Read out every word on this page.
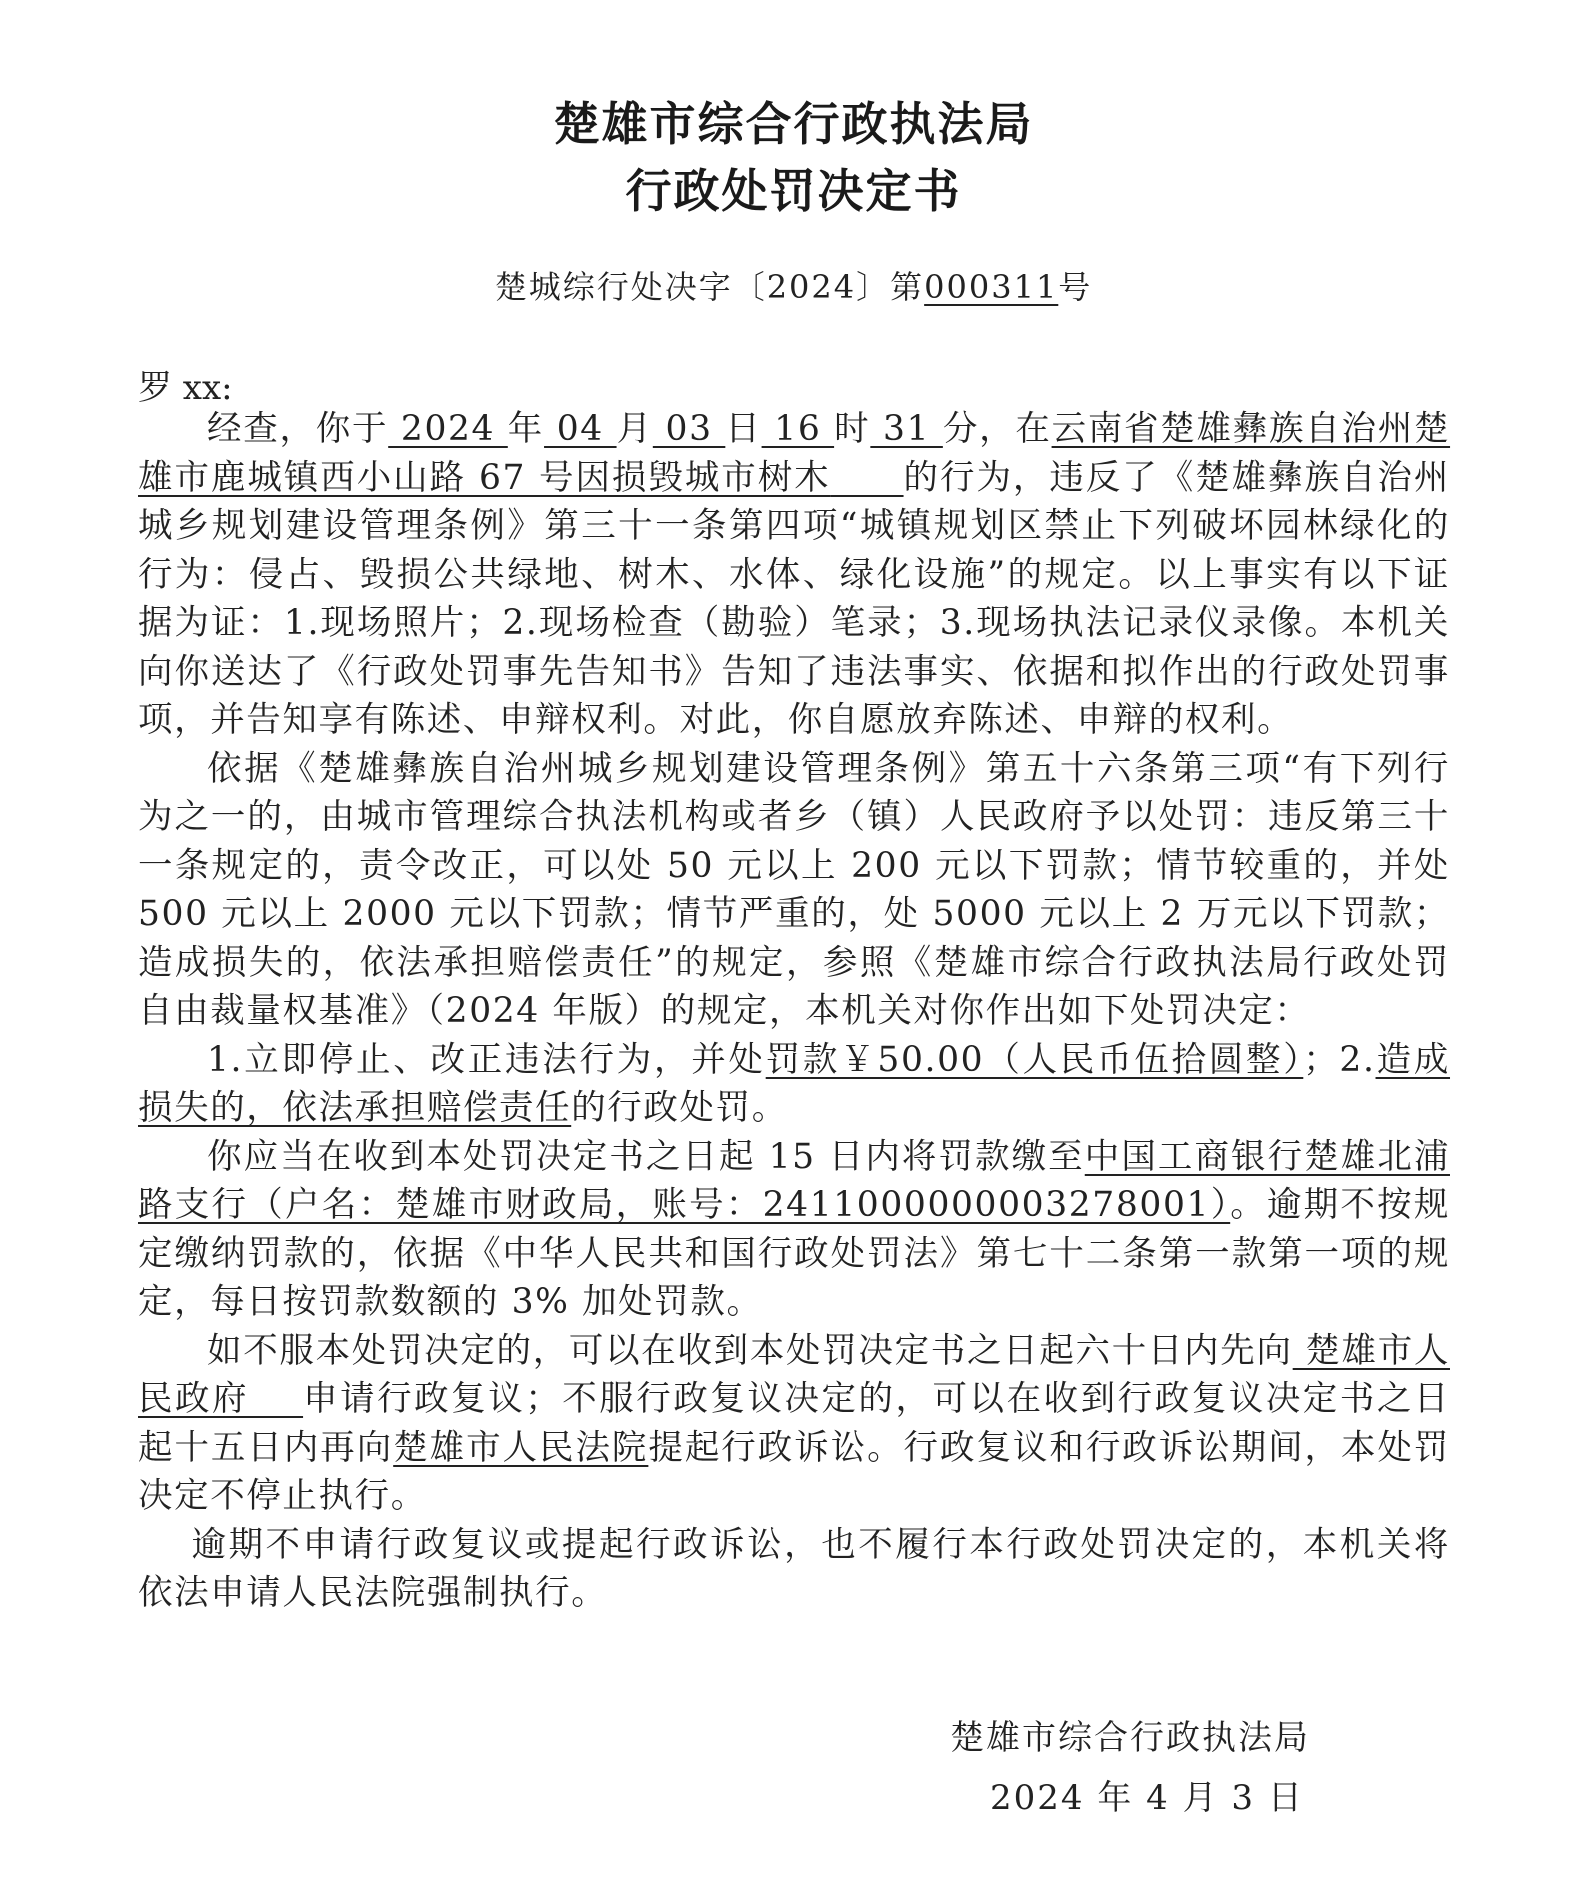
楚雄市综合行政执法局
行政处罚决定书
楚城综行处决字〔2024〕第000311号
罗 xx:

经查，你于 2024 年 04 月 03 日 16 时 31 分，在云南省楚雄彝族自治州楚雄市鹿城镇西小山路 67 号因损毁城市树木　　 的行为，违反了《楚雄彝族自治州城乡规划建设管理条例》第三十一条第四项“城镇规划区禁止下列破坏园林绿化的行为：侵占、毁损公共绿地、树木、水体、绿化设施”的规定。以上事实有以下证据为证：1.现场照片；2.现场检查（勘验）笔录；3.现场执法记录仪录像。本机关向你送达了《行政处罚事先告知书》告知了违法事实、依据和拟作出的行政处罚事项，并告知享有陈述、申辩权利。对此，你自愿放弃陈述、申辩的权利。

依据《楚雄彝族自治州城乡规划建设管理条例》第五十六条第三项“有下列行为之一的，由城市管理综合执法机构或者乡（镇）人民政府予以处罚：违反第三十一条规定的，责令改正，可以处 50 元以上 200 元以下罚款；情节较重的，并处 500 元以上 2000 元以下罚款；情节严重的，处 5000 元以上 2 万元以下罚款；造成损失的，依法承担赔偿责任”的规定，参照《楚雄市综合行政执法局行政处罚自由裁量权基准》（2024 年版）的规定，本机关对你作出如下处罚决定：

1.立即停止、改正违法行为，并处罚款￥50.00（人民币伍拾圆整）；2.造成损失的，依法承担赔偿责任的行政处罚。

你应当在收到本处罚决定书之日起 15 日内将罚款缴至中国工商银行楚雄北浦路支行（户名：楚雄市财政局，账号：2411000000003278001）。逾期不按规定缴纳罚款的，依据《中华人民共和国行政处罚法》第七十二条第一款第一项的规定，每日按罚款数额的 3% 加处罚款。

如不服本处罚决定的，可以在收到本处罚决定书之日起六十日内先向 楚雄市人民政府    申请行政复议；不服行政复议决定的，可以在收到行政复议决定书之日起十五日内再向楚雄市人民法院提起行政诉讼。行政复议和行政诉讼期间，本处罚决定不停止执行。

逾期不申请行政复议或提起行政诉讼，也不履行本行政处罚决定的，本机关将依法申请人民法院强制执行。

楚雄市综合行政执法局
2024 年 4 月 3 日
